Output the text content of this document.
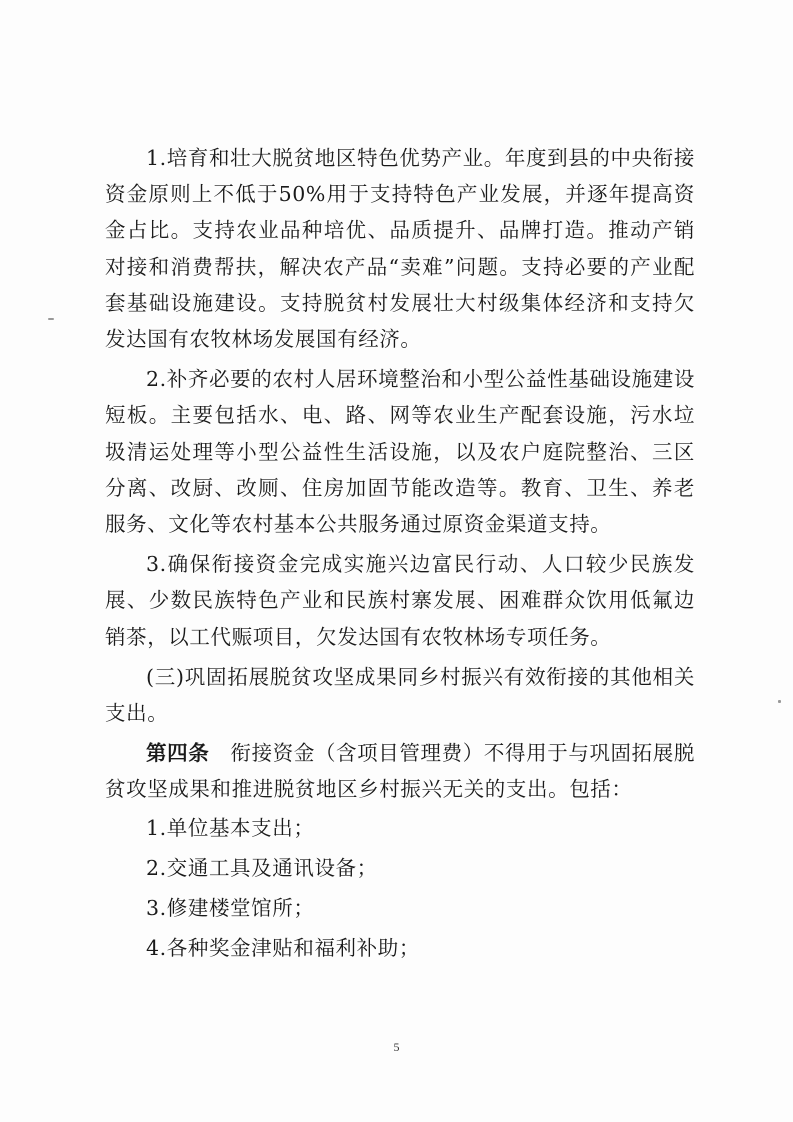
1.培育和壮大脱贫地区特色优势产业。年度到县的中央衔接资金原则上不低于50%用于支持特色产业发展，并逐年提高资金占比。支持农业品种培优、品质提升、品牌打造。推动产销对接和消费帮扶，解决农产品“卖难”问题。支持必要的产业配套基础设施建设。支持脱贫村发展壮大村级集体经济和支持欠发达国有农牧林场发展国有经济。

2.补齐必要的农村人居环境整治和小型公益性基础设施建设短板。主要包括水、电、路、网等农业生产配套设施，污水垃圾清运处理等小型公益性生活设施，以及农户庭院整治、三区分离、改厨、改厕、住房加固节能改造等。教育、卫生、养老服务、文化等农村基本公共服务通过原资金渠道支持。

3.确保衔接资金完成实施兴边富民行动、人口较少民族发展、少数民族特色产业和民族村寨发展、困难群众饮用低氟边销茶，以工代赈项目，欠发达国有农牧林场专项任务。

(三)巩固拓展脱贫攻坚成果同乡村振兴有效衔接的其他相关支出。

第四条  衔接资金（含项目管理费）不得用于与巩固拓展脱贫攻坚成果和推进脱贫地区乡村振兴无关的支出。包括：

1.单位基本支出；

2.交通工具及通讯设备；

3.修建楼堂馆所；

4.各种奖金津贴和福利补助；

5
